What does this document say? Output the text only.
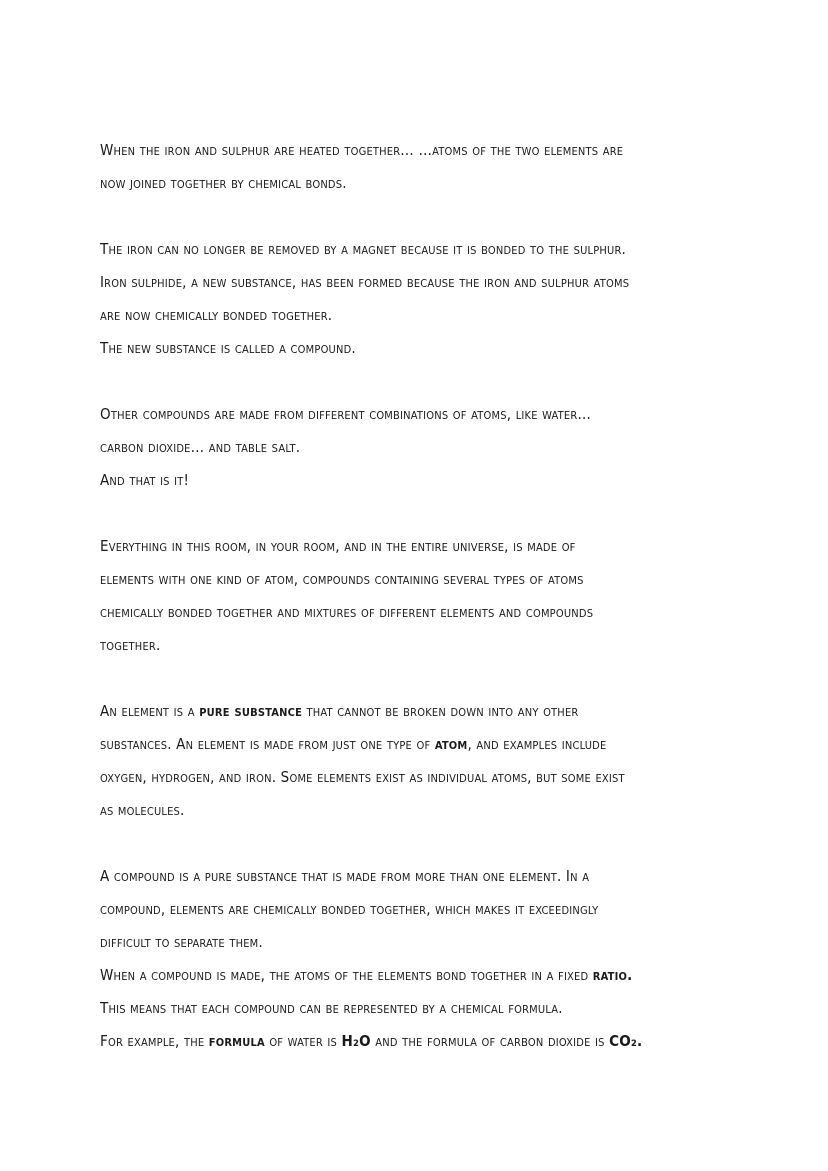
When the iron and sulphur are heated together… …atoms of the two elements are
now joined together by chemical bonds.

The iron can no longer be removed by a magnet because it is bonded to the sulphur.
Iron sulphide, a new substance, has been formed because the iron and sulphur atoms
are now chemically bonded together.
The new substance is called a compound.

Other compounds are made from different combinations of atoms, like water…
carbon dioxide… and table salt.
And that is it!

Everything in this room, in your room, and in the entire universe, is made of
elements with one kind of atom, compounds containing several types of atoms
chemically bonded together and mixtures of different elements and compounds
together.

An element is a pure substance that cannot be broken down into any other
substances. An element is made from just one type of atom, and examples include
oxygen, hydrogen, and iron. Some elements exist as individual atoms, but some exist
as molecules.

A compound is a pure substance that is made from more than one element. In a
compound, elements are chemically bonded together, which makes it exceedingly
difficult to separate them.
When a compound is made, the atoms of the elements bond together in a fixed ratio.
This means that each compound can be represented by a chemical formula.
For example, the formula of water is H₂O and the formula of carbon dioxide is CO₂.
